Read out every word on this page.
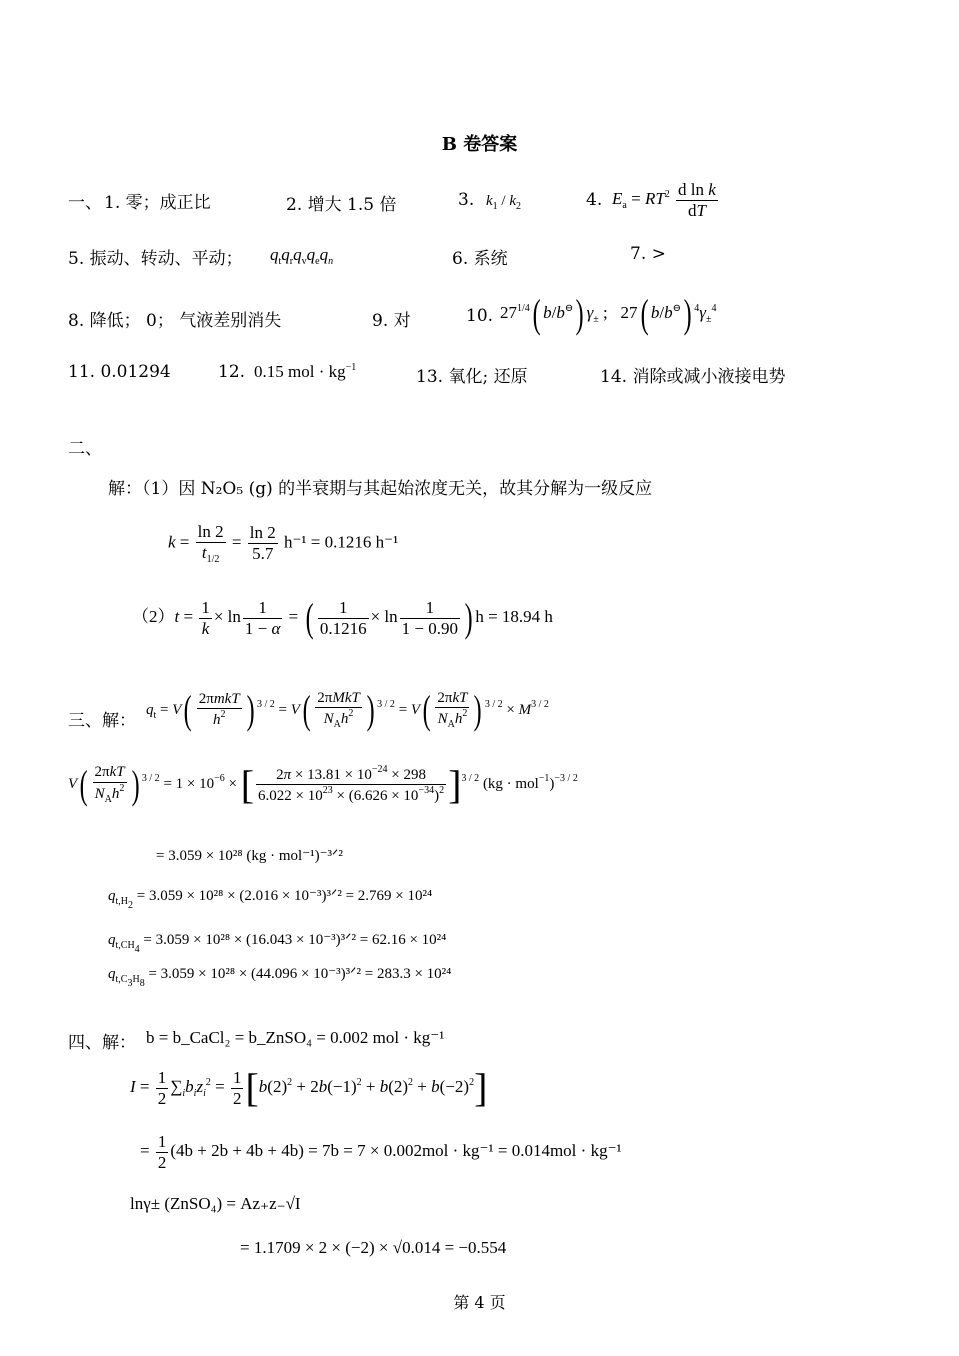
B 卷答案
一、 1. 零；成正比	2. 增大 1.5 倍	3. $k_1 / k_2$	4. $E_a = RT^2 \frac{\text{d ln k}}{dT}$
5. 振动、转动、平动； $q_tq_rq_vq_eq_n$	6. 系统	7. >
8. 降低； 0； 气液差别消失	9. 对	10. $27^{1/4}$( b/b⊖) $\gamma_\pm$ ;   27( b/b⊖) $^4\gamma_\pm^4$
11. 0.01294	12. 0.15 mol · $kg^{-1}$	13. 氧化; 还原	14. 消除或减小液接电势
二、
解：（1）因 N₂O₅ (g) 的半衰期与其起始浓度无关，故其分解为一级反应
$k = \frac{\ln 2}{t_{1/2}} = \frac{\ln 2}{5.7} h^{-1} = 0.1216$ h⁻¹
$(2)t = \frac{1}{k} \times \ln \frac{1}{1 - \alpha}$ = ( $\frac{1}{0.1216} \times \ln \frac{1}{1 - 0.90}$ ) h = 18.94 h
三、解：
$q_t = V( \frac{\text{2πmkT}}{h^2}$ ) $^{3 / 2} = V( \frac{\text{2πMkT}}{N_Ah^2}$ ) $^{3 / 2} = V( \frac{\text{2πkT}}{N_Ah^2}$ ) $^{3 / 2} \times M^{3 / 2}$
$V( \frac{\text{2πkT}}{N_Ah^2}$ ) $^{3 / 2} = 1 \times 10^{-6}$ × [ $\frac{2\pi \times 13.81 \times 10^{-24} \times 298}{6.022 \times 10^{23} \times (6.626 \times 10^{-34})^2} ]^{3 / 2}$ (kg · mol$^{-1}$)$^{-3 / 2}$
= 3.059 × 10²⁸ (kg · mol⁻¹)⁻³ᐟ²
$q_{t,H_2} = 3.059 \times 10^{28} \times (2.016$ × 10⁻³)³ᐟ² = 2.769 × 10²⁴
$q_{t,CH_4} = 3.059 \times 10^{28} \times (16.043$ × 10⁻³)³ᐟ² = 62.16 × 10²⁴
$q_{t,C_3H_8} = 3.059 \times 10^{28} \times (44.096$ × 10⁻³)³ᐟ² = 283.3 × 10²⁴
四、解： b = b_CaCl₂ = b_ZnSO₄ = 0.002 mol · kg⁻¹
$I = \frac{1}{2} \sum_ib_iz_i^2 = \frac{1}{2} [b(2)^2 + 2b(-1)^2 + b(2)^2 + b(-2)^2]$
= $\frac{1}{2} (4b + 2b + 4b + 4b) = 7b = 7 \times 0.002mol \cdot kg^{-1} = 0.014mol \cdot kg^{-1}$
lnγ± (ZnSO₄) = Az₊z₋√I
= 1.1709 × 2 × (−2) × √0.014 = −0.554
第 4 页
